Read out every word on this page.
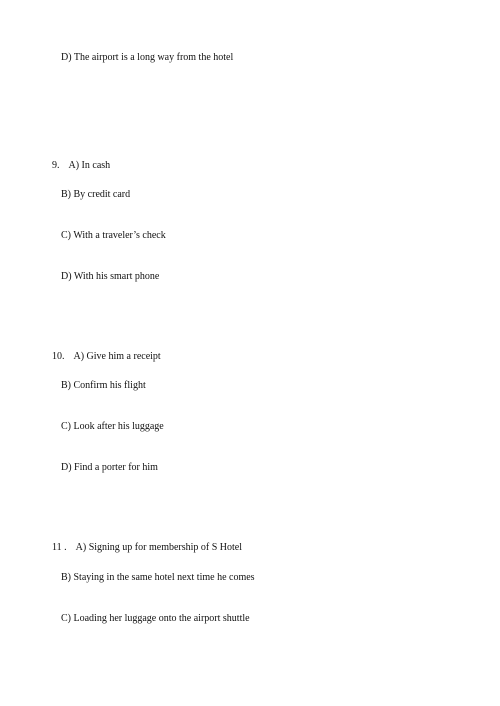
D) The airport is a long way from the hotel

9. A) In cash

B) By credit card
C) With a traveler’s check
D) With his smart phone

10. A) Give him a receipt

B) Confirm his flight
C) Look after his luggage
D) Find a porter for him

11 . A) Signing up for membership of S Hotel

B) Staying in the same hotel next time he comes
C) Loading her luggage onto the airport shuttle
